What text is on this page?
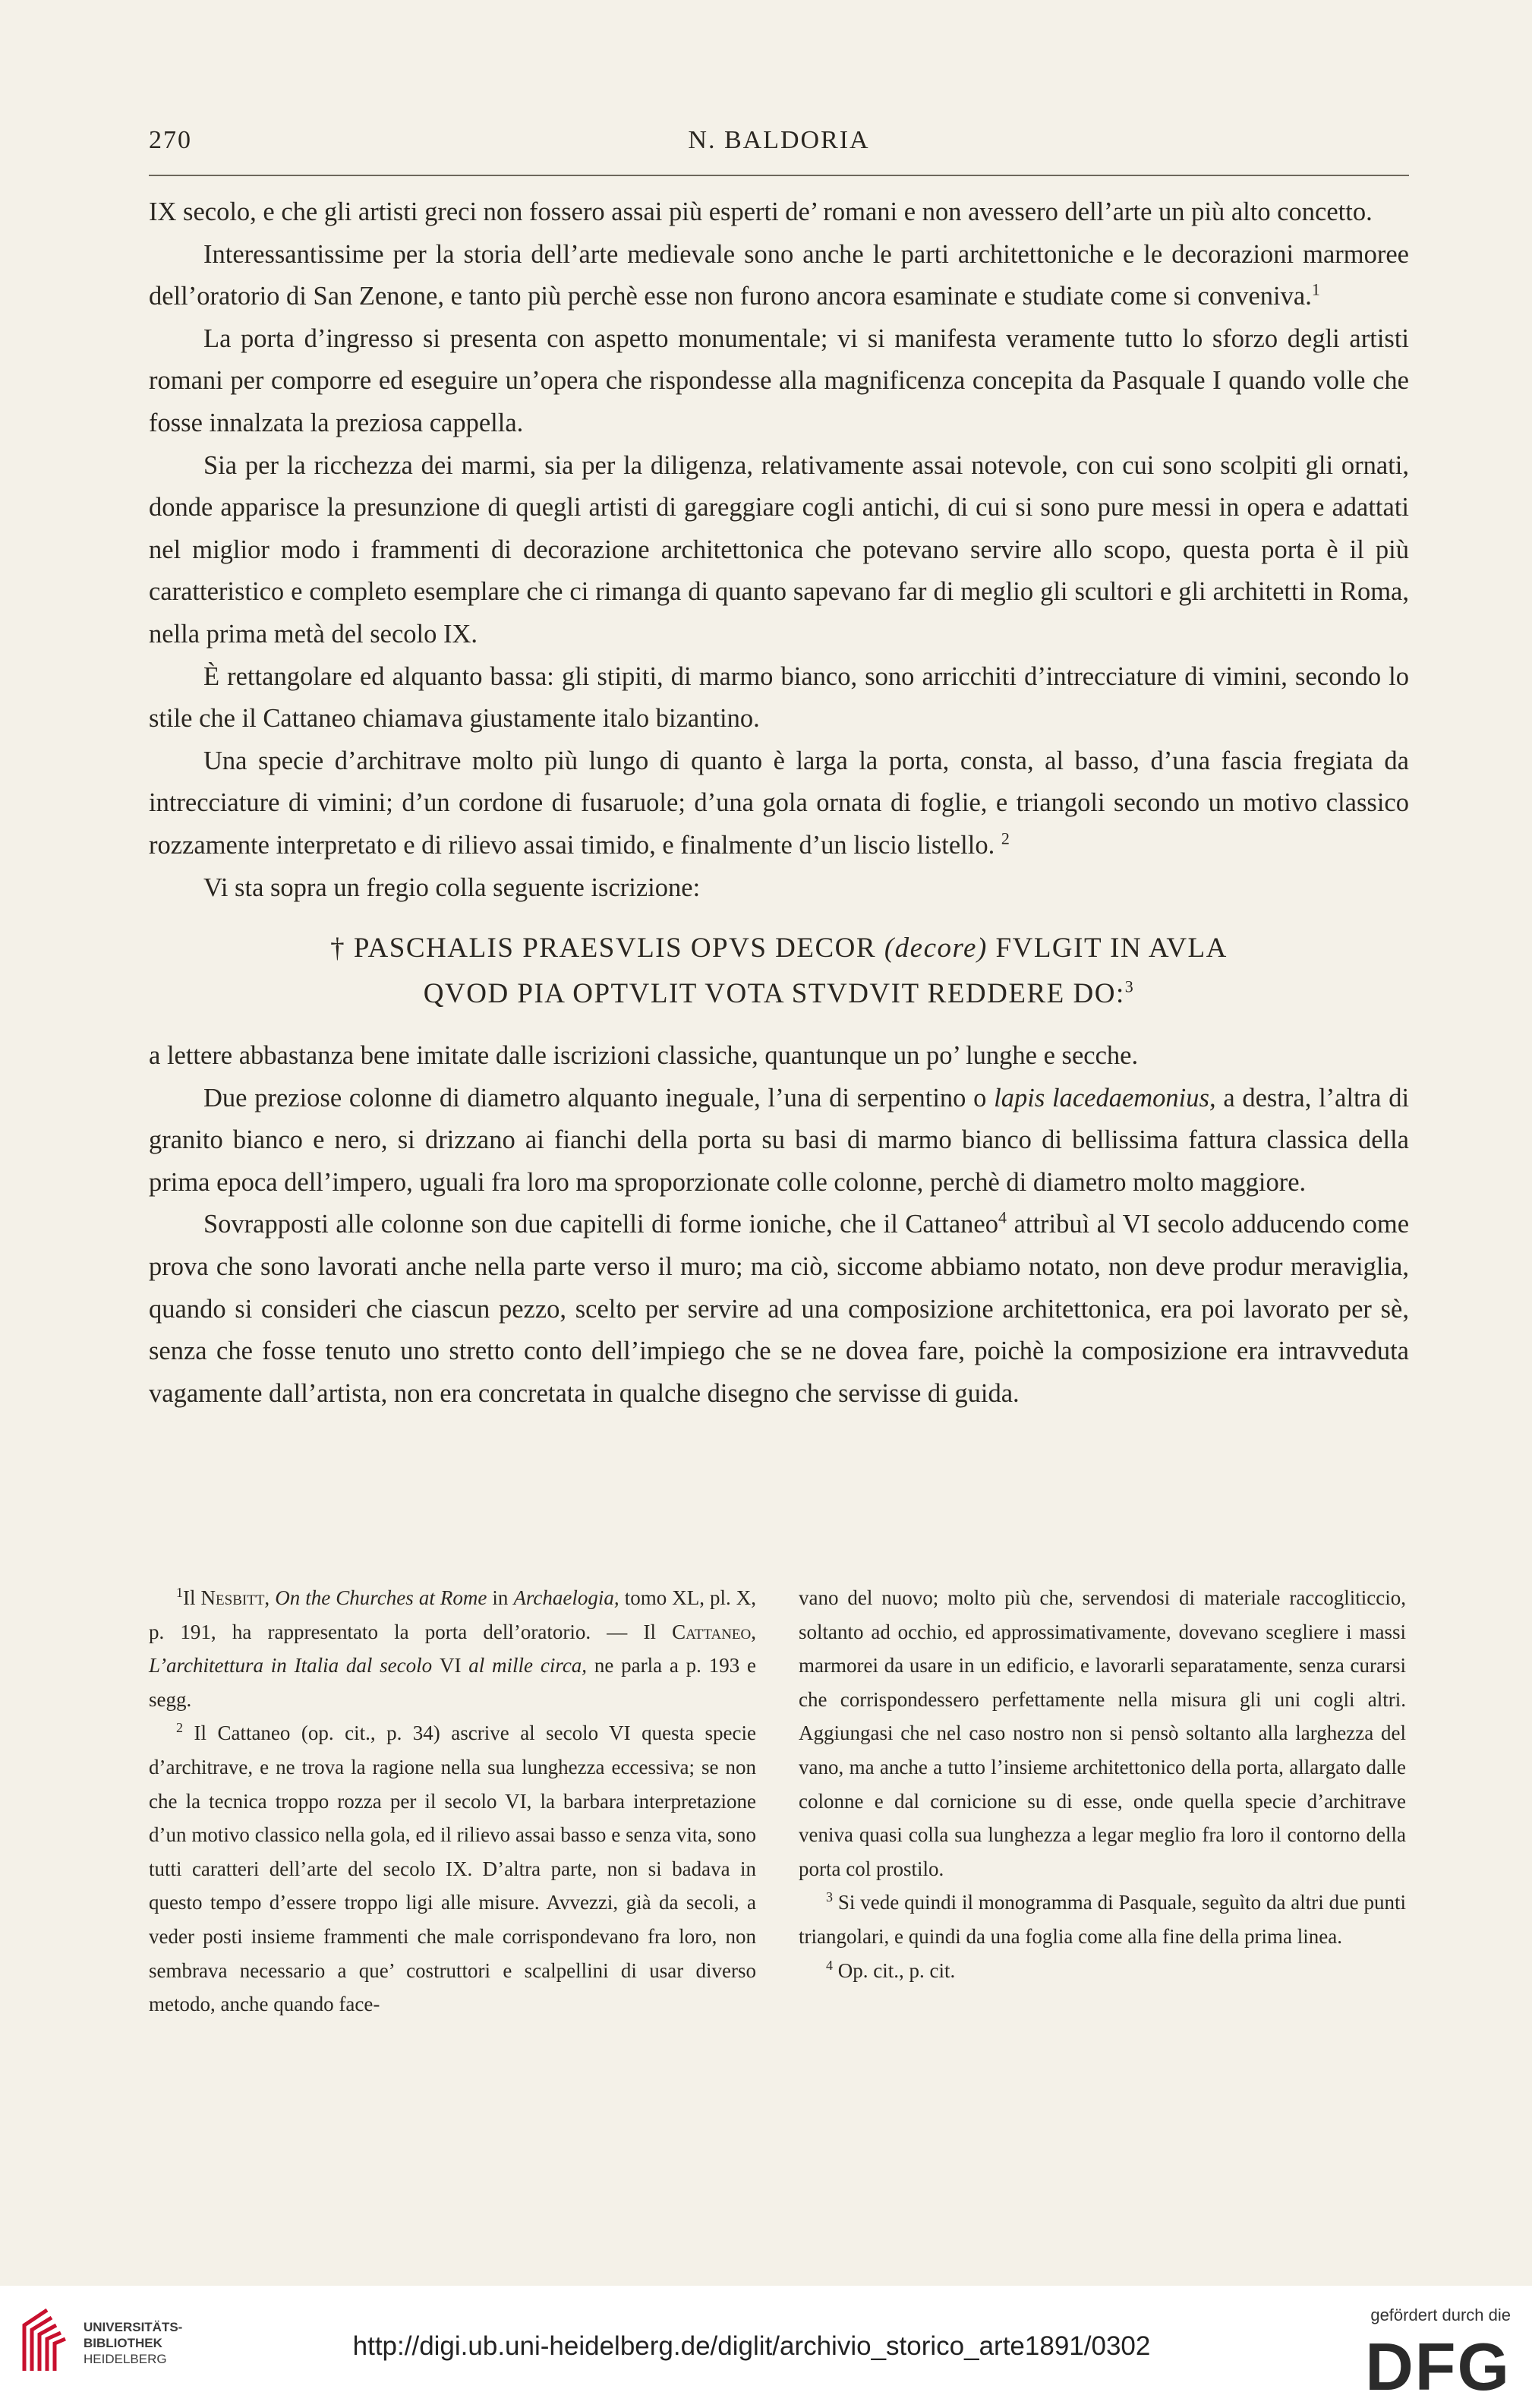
270	N. BALDORIA

IX secolo, e che gli artisti greci non fossero assai più esperti de’ romani e non avessero dell’arte un più alto concetto.

Interessantissime per la storia dell’arte medievale sono anche le parti architettoniche e le decorazioni marmoree dell’oratorio di San Zenone, e tanto più perchè esse non furono ancora esaminate e studiate come si conveniva.$^1$

La porta d’ingresso si presenta con aspetto monumentale; vi si manifesta veramente tutto lo sforzo degli artisti romani per comporre ed eseguire un’opera che rispondesse alla magnificenza concepita da Pasquale I quando volle che fosse innalzata la preziosa cappella.

Sia per la ricchezza dei marmi, sia per la diligenza, relativamente assai notevole, con cui sono scolpiti gli ornati, donde apparisce la presunzione di quegli artisti di gareggiare cogli antichi, di cui si sono pure messi in opera e adattati nel miglior modo i frammenti di decorazione architettonica che potevano servire allo scopo, questa porta è il più caratteristico e completo esemplare che ci rimanga di quanto sapevano far di meglio gli scultori e gli architetti in Roma, nella prima metà del secolo IX.

È rettangolare ed alquanto bassa: gli stipiti, di marmo bianco, sono arricchiti d’intrecciature di vimini, secondo lo stile che il Cattaneo chiamava giustamente italo bizantino.

Una specie d’architrave molto più lungo di quanto è larga la porta, consta, al basso, d’una fascia fregiata da intrecciature di vimini; d’un cordone di fusaruole; d’una gola ornata di foglie, e triangoli secondo un motivo classico rozzamente interpretato e di rilievo assai timido, e finalmente d’un liscio listello. $^2$

Vi sta sopra un fregio colla seguente iscrizione:

† PASCHALIS PRAESVLIS OPVS DECOR (decore) FVLGIT IN AVLA
QVOD PIA OPTVLIT VOTA STVDVIT REDDERE DO:$^3$

a lettere abbastanza bene imitate dalle iscrizioni classiche, quantunque un po’ lunghe e secche.

Due preziose colonne di diametro alquanto ineguale, l’una di serpentino o lapis lacedaemonius, a destra, l’altra di granito bianco e nero, si drizzano ai fianchi della porta su basi di marmo bianco di bellissima fattura classica della prima epoca dell’impero, uguali fra loro ma sproporzionate colle colonne, perchè di diametro molto maggiore.

Sovrapposti alle colonne son due capitelli di forme ioniche, che il Cattaneo$^4$ attribuì al VI secolo adducendo come prova che sono lavorati anche nella parte verso il muro; ma ciò, siccome abbiamo notato, non deve produr meraviglia, quando si consideri che ciascun pezzo, scelto per servire ad una composizione architettonica, era poi lavorato per sè, senza che fosse tenuto uno stretto conto dell’impiego che se ne dovea fare, poichè la composizione era intravveduta vagamente dall’artista, non era concretata in qualche disegno che servisse di guida.

$^1$Il Nesbitt, On the Churches at Rome in Archaelogia, tomo XL, pl. X, p. 191, ha rappresentato la porta dell’oratorio. — Il Cattaneo, L’architettura in Italia dal secolo VI al mille circa, ne parla a p. 193 e segg.

$^2$ Il Cattaneo (op. cit., p. 34) ascrive al secolo VI questa specie d’architrave, e ne trova la ragione nella sua lunghezza eccessiva; se non che la tecnica troppo rozza per il secolo VI, la barbara interpretazione d’un motivo classico nella gola, ed il rilievo assai basso e senza vita, sono tutti caratteri dell’arte del secolo IX. D’altra parte, non si badava in questo tempo d’essere troppo ligi alle misure. Avvezzi, già da secoli, a veder posti insieme frammenti che male corrispondevano fra loro, non sembrava necessario a que’ costruttori e scalpellini di usar diverso metodo, anche quando face-

vano del nuovo; molto più che, servendosi di materiale raccogliticcio, soltanto ad occhio, ed approssimativamente, dovevano scegliere i massi marmorei da usare in un edificio, e lavorarli separatamente, senza curarsi che corrispondessero perfettamente nella misura gli uni cogli altri. Aggiungasi che nel caso nostro non si pensò soltanto alla larghezza del vano, ma anche a tutto l’insieme architettonico della porta, allargato dalle colonne e dal cornicione su di esse, onde quella specie d’architrave veniva quasi colla sua lunghezza a legar meglio fra loro il contorno della porta col prostilo.

$^3$ Si vede quindi il monogramma di Pasquale, seguìto da altri due punti triangolari, e quindi da una foglia come alla fine della prima linea.

$^4$ Op. cit., p. cit.

UNIVERSITÄTS-
BIBLIOTHEK
HEIDELBERG	http://digi.ub.uni-heidelberg.de/diglit/archivio_storico_arte1891/0302
gefördert durch die
DFG
